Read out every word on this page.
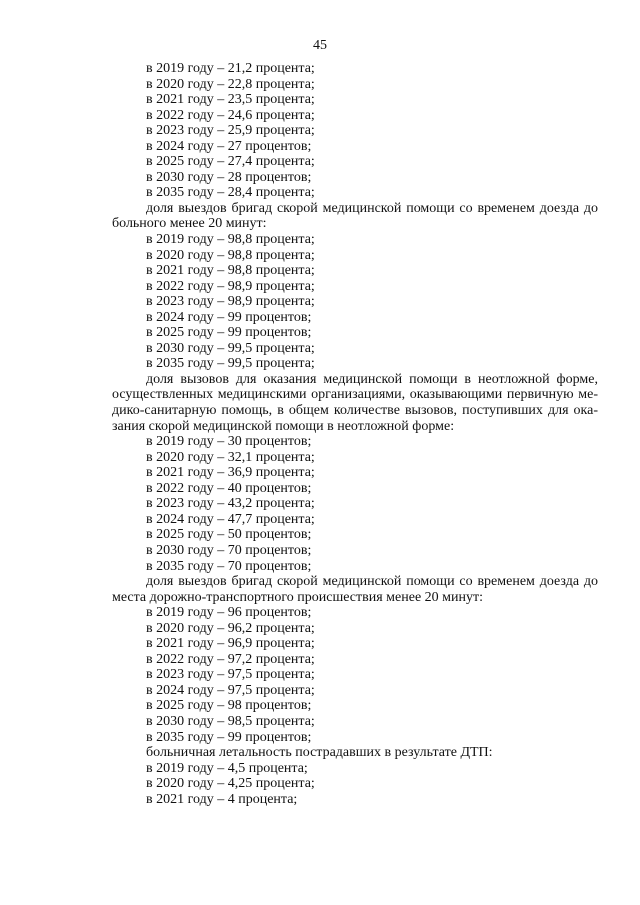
45
в 2019 году – 21,2 процента;
в 2020 году – 22,8 процента;
в 2021 году – 23,5 процента;
в 2022 году – 24,6 процента;
в 2023 году – 25,9 процента;
в 2024 году – 27 процентов;
в 2025 году – 27,4 процента;
в 2030 году – 28 процентов;
в 2035 году – 28,4 процента;
доля выездов бригад скорой медицинской помощи со временем доезда до
больного менее 20 минут:
в 2019 году – 98,8 процента;
в 2020 году – 98,8 процента;
в 2021 году – 98,8 процента;
в 2022 году – 98,9 процента;
в 2023 году – 98,9 процента;
в 2024 году – 99 процентов;
в 2025 году – 99 процентов;
в 2030 году – 99,5 процента;
в 2035 году – 99,5 процента;
доля вызовов для оказания медицинской помощи в неотложной форме,
осуществленных медицинскими организациями, оказывающими первичную ме-
дико-санитарную помощь, в общем количестве вызовов, поступивших для ока-
зания скорой медицинской помощи в неотложной форме:
в 2019 году – 30 процентов;
в 2020 году – 32,1 процента;
в 2021 году – 36,9 процента;
в 2022 году – 40 процентов;
в 2023 году – 43,2 процента;
в 2024 году – 47,7 процента;
в 2025 году – 50 процентов;
в 2030 году – 70 процентов;
в 2035 году – 70 процентов;
доля выездов бригад скорой медицинской помощи со временем доезда до
места дорожно-транспортного происшествия менее 20 минут:
в 2019 году – 96 процентов;
в 2020 году – 96,2 процента;
в 2021 году – 96,9 процента;
в 2022 году – 97,2 процента;
в 2023 году – 97,5 процента;
в 2024 году – 97,5 процента;
в 2025 году – 98 процентов;
в 2030 году – 98,5 процента;
в 2035 году – 99 процентов;
больничная летальность пострадавших в результате ДТП:
в 2019 году – 4,5 процента;
в 2020 году – 4,25 процента;
в 2021 году – 4 процента;
